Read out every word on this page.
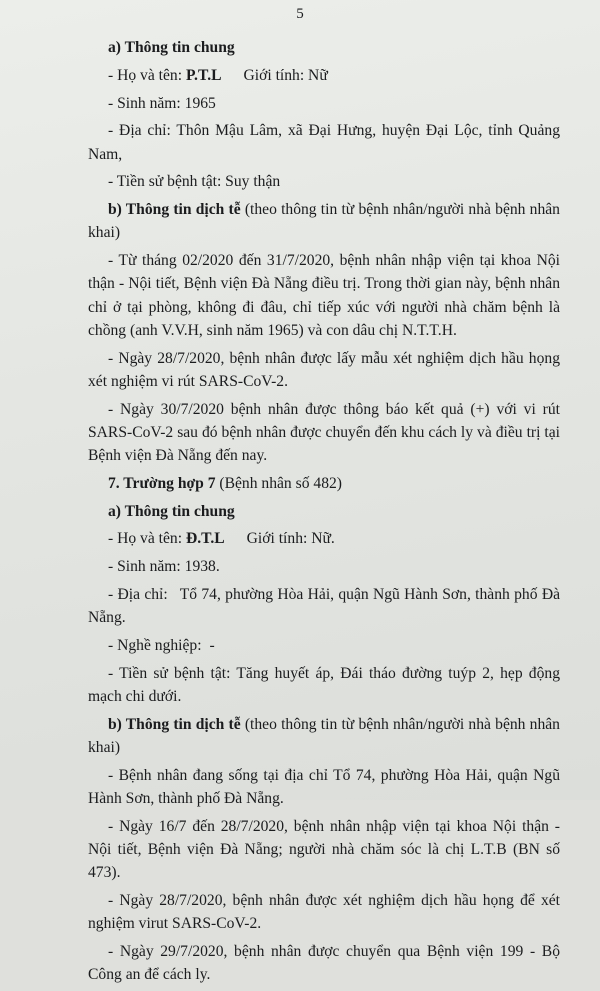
5

a) Thông tin chung

- Họ và tên: P.T.L Giới tính: Nữ

- Sinh năm: 1965

- Địa chỉ: Thôn Mậu Lâm, xã Đại Hưng, huyện Đại Lộc, tỉnh Quảng Nam,

- Tiền sử bệnh tật: Suy thận

b) Thông tin dịch tễ (theo thông tin từ bệnh nhân/người nhà bệnh nhân khai)

- Từ tháng 02/2020 đến 31/7/2020, bệnh nhân nhập viện tại khoa Nội thận - Nội tiết, Bệnh viện Đà Nẵng điều trị. Trong thời gian này, bệnh nhân chỉ ở tại phòng, không đi đâu, chỉ tiếp xúc với người nhà chăm bệnh là chồng (anh V.V.H, sinh năm 1965) và con dâu chị N.T.T.H.

- Ngày 28/7/2020, bệnh nhân được lấy mẫu xét nghiệm dịch hầu họng xét nghiệm vi rút SARS-CoV-2.

- Ngày 30/7/2020 bệnh nhân được thông báo kết quả (+) với vi rút SARS-CoV-2 sau đó bệnh nhân được chuyển đến khu cách ly và điều trị tại Bệnh viện Đà Nẵng đến nay.

7. Trường hợp 7 (Bệnh nhân số 482)

a) Thông tin chung

- Họ và tên: Đ.T.L Giới tính: Nữ.

- Sinh năm: 1938.

- Địa chỉ: Tổ 74, phường Hòa Hải, quận Ngũ Hành Sơn, thành phố Đà Nẵng.

- Nghề nghiệp: -

- Tiền sử bệnh tật: Tăng huyết áp, Đái tháo đường tuýp 2, hẹp động mạch chi dưới.

b) Thông tin dịch tễ (theo thông tin từ bệnh nhân/người nhà bệnh nhân khai)

- Bệnh nhân đang sống tại địa chỉ Tổ 74, phường Hòa Hải, quận Ngũ Hành Sơn, thành phố Đà Nẵng.

- Ngày 16/7 đến 28/7/2020, bệnh nhân nhập viện tại khoa Nội thận - Nội tiết, Bệnh viện Đà Nẵng; người nhà chăm sóc là chị L.T.B (BN số 473).

- Ngày 28/7/2020, bệnh nhân được xét nghiệm dịch hầu họng để xét nghiệm virut SARS-CoV-2.

- Ngày 29/7/2020, bệnh nhân được chuyển qua Bệnh viện 199 - Bộ Công an để cách ly.
